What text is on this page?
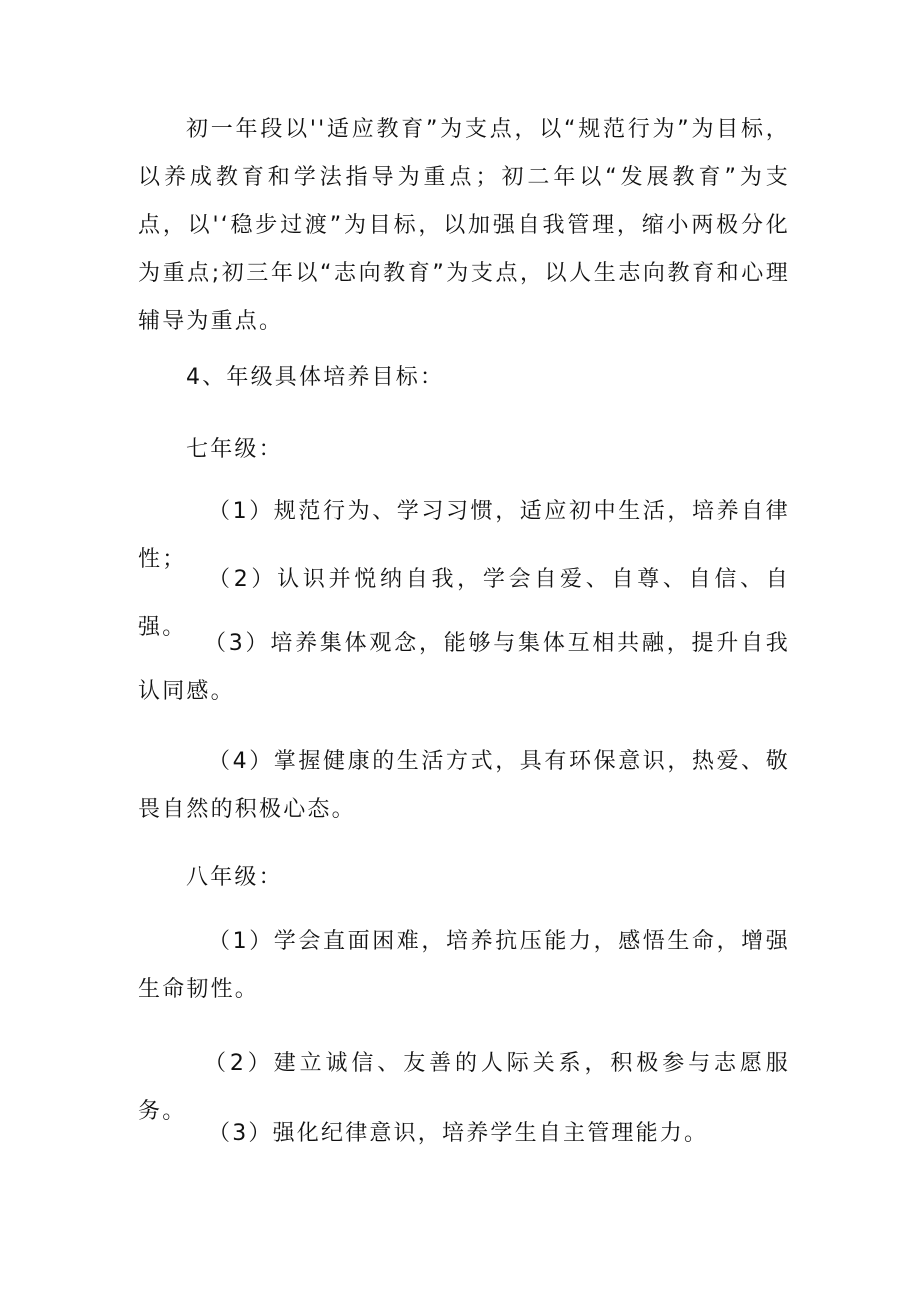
初一年段以''适应教育”为支点，以“规范行为”为目标，以养成教育和学法指导为重点；初二年以“发展教育”为支点，以'‘稳步过渡”为目标，以加强自我管理，缩小两极分化为重点;初三年以“志向教育”为支点，以人生志向教育和心理辅导为重点。

4、年级具体培养目标：

七年级：

（1）规范行为、学习习惯，适应初中生活，培养自律性；

（2）认识并悦纳自我，学会自爱、自尊、自信、自强。

（3）培养集体观念，能够与集体互相共融，提升自我认同感。

（4）掌握健康的生活方式，具有环保意识，热爱、敬畏自然的积极心态。

八年级：

（1）学会直面困难，培养抗压能力，感悟生命，增强生命韧性。

（2）建立诚信、友善的人际关系，积极参与志愿服务。

（3）强化纪律意识，培养学生自主管理能力。
